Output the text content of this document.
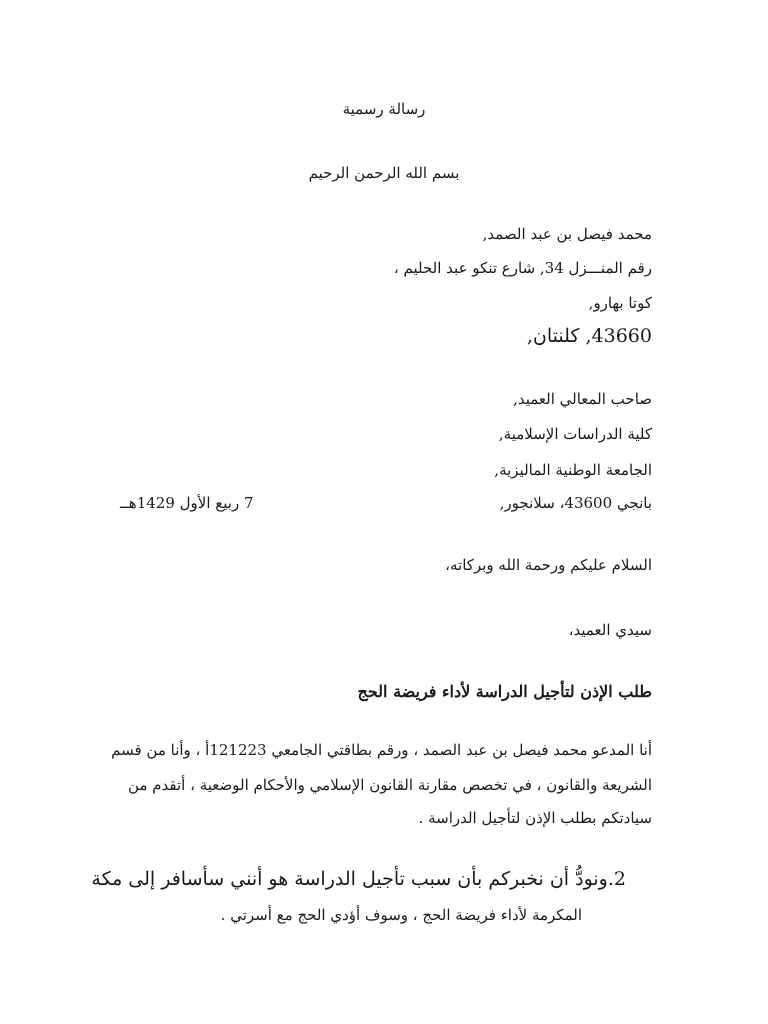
رسالة رسمية
بسم الله الرحمن الرحيم
محمد فيصل بن عبد الصمد,
رقم المنـــزل 34, شارع تنكو عبد الحليم ،
كوتا بهارو,
43660, كلنتان,
صاحب المعالي العميد,
كلية الدراسات الإسلامية,
الجامعة الوطنية الماليزية,
بانجي 43600، سلانجور,
7 ربيع الأول 1429هــ
السلام عليكم ورحمة الله وبركاته،
سيدي العميد،
طلب الإذن لتأجيل الدراسة لأداء فريضة الحج
أنا المدعو محمد فيصل بن عبد الصمد ، ورقم بطاقتي الجامعي 121223أ ، وأنا من قسم
الشريعة والقانون ، في تخصص مقارنة القانون الإسلامي والأحكام الوضعية ، أتقدم من
سيادتكم بطلب الإذن لتأجيل الدراسة .
2.ونودُّ أن نخبركم بأن سبب تأجيل الدراسة هو أنني سأسافر إلى مكة
المكرمة لأداء فريضة الحج ، وسوف أؤدي الحج مع أسرتي .
